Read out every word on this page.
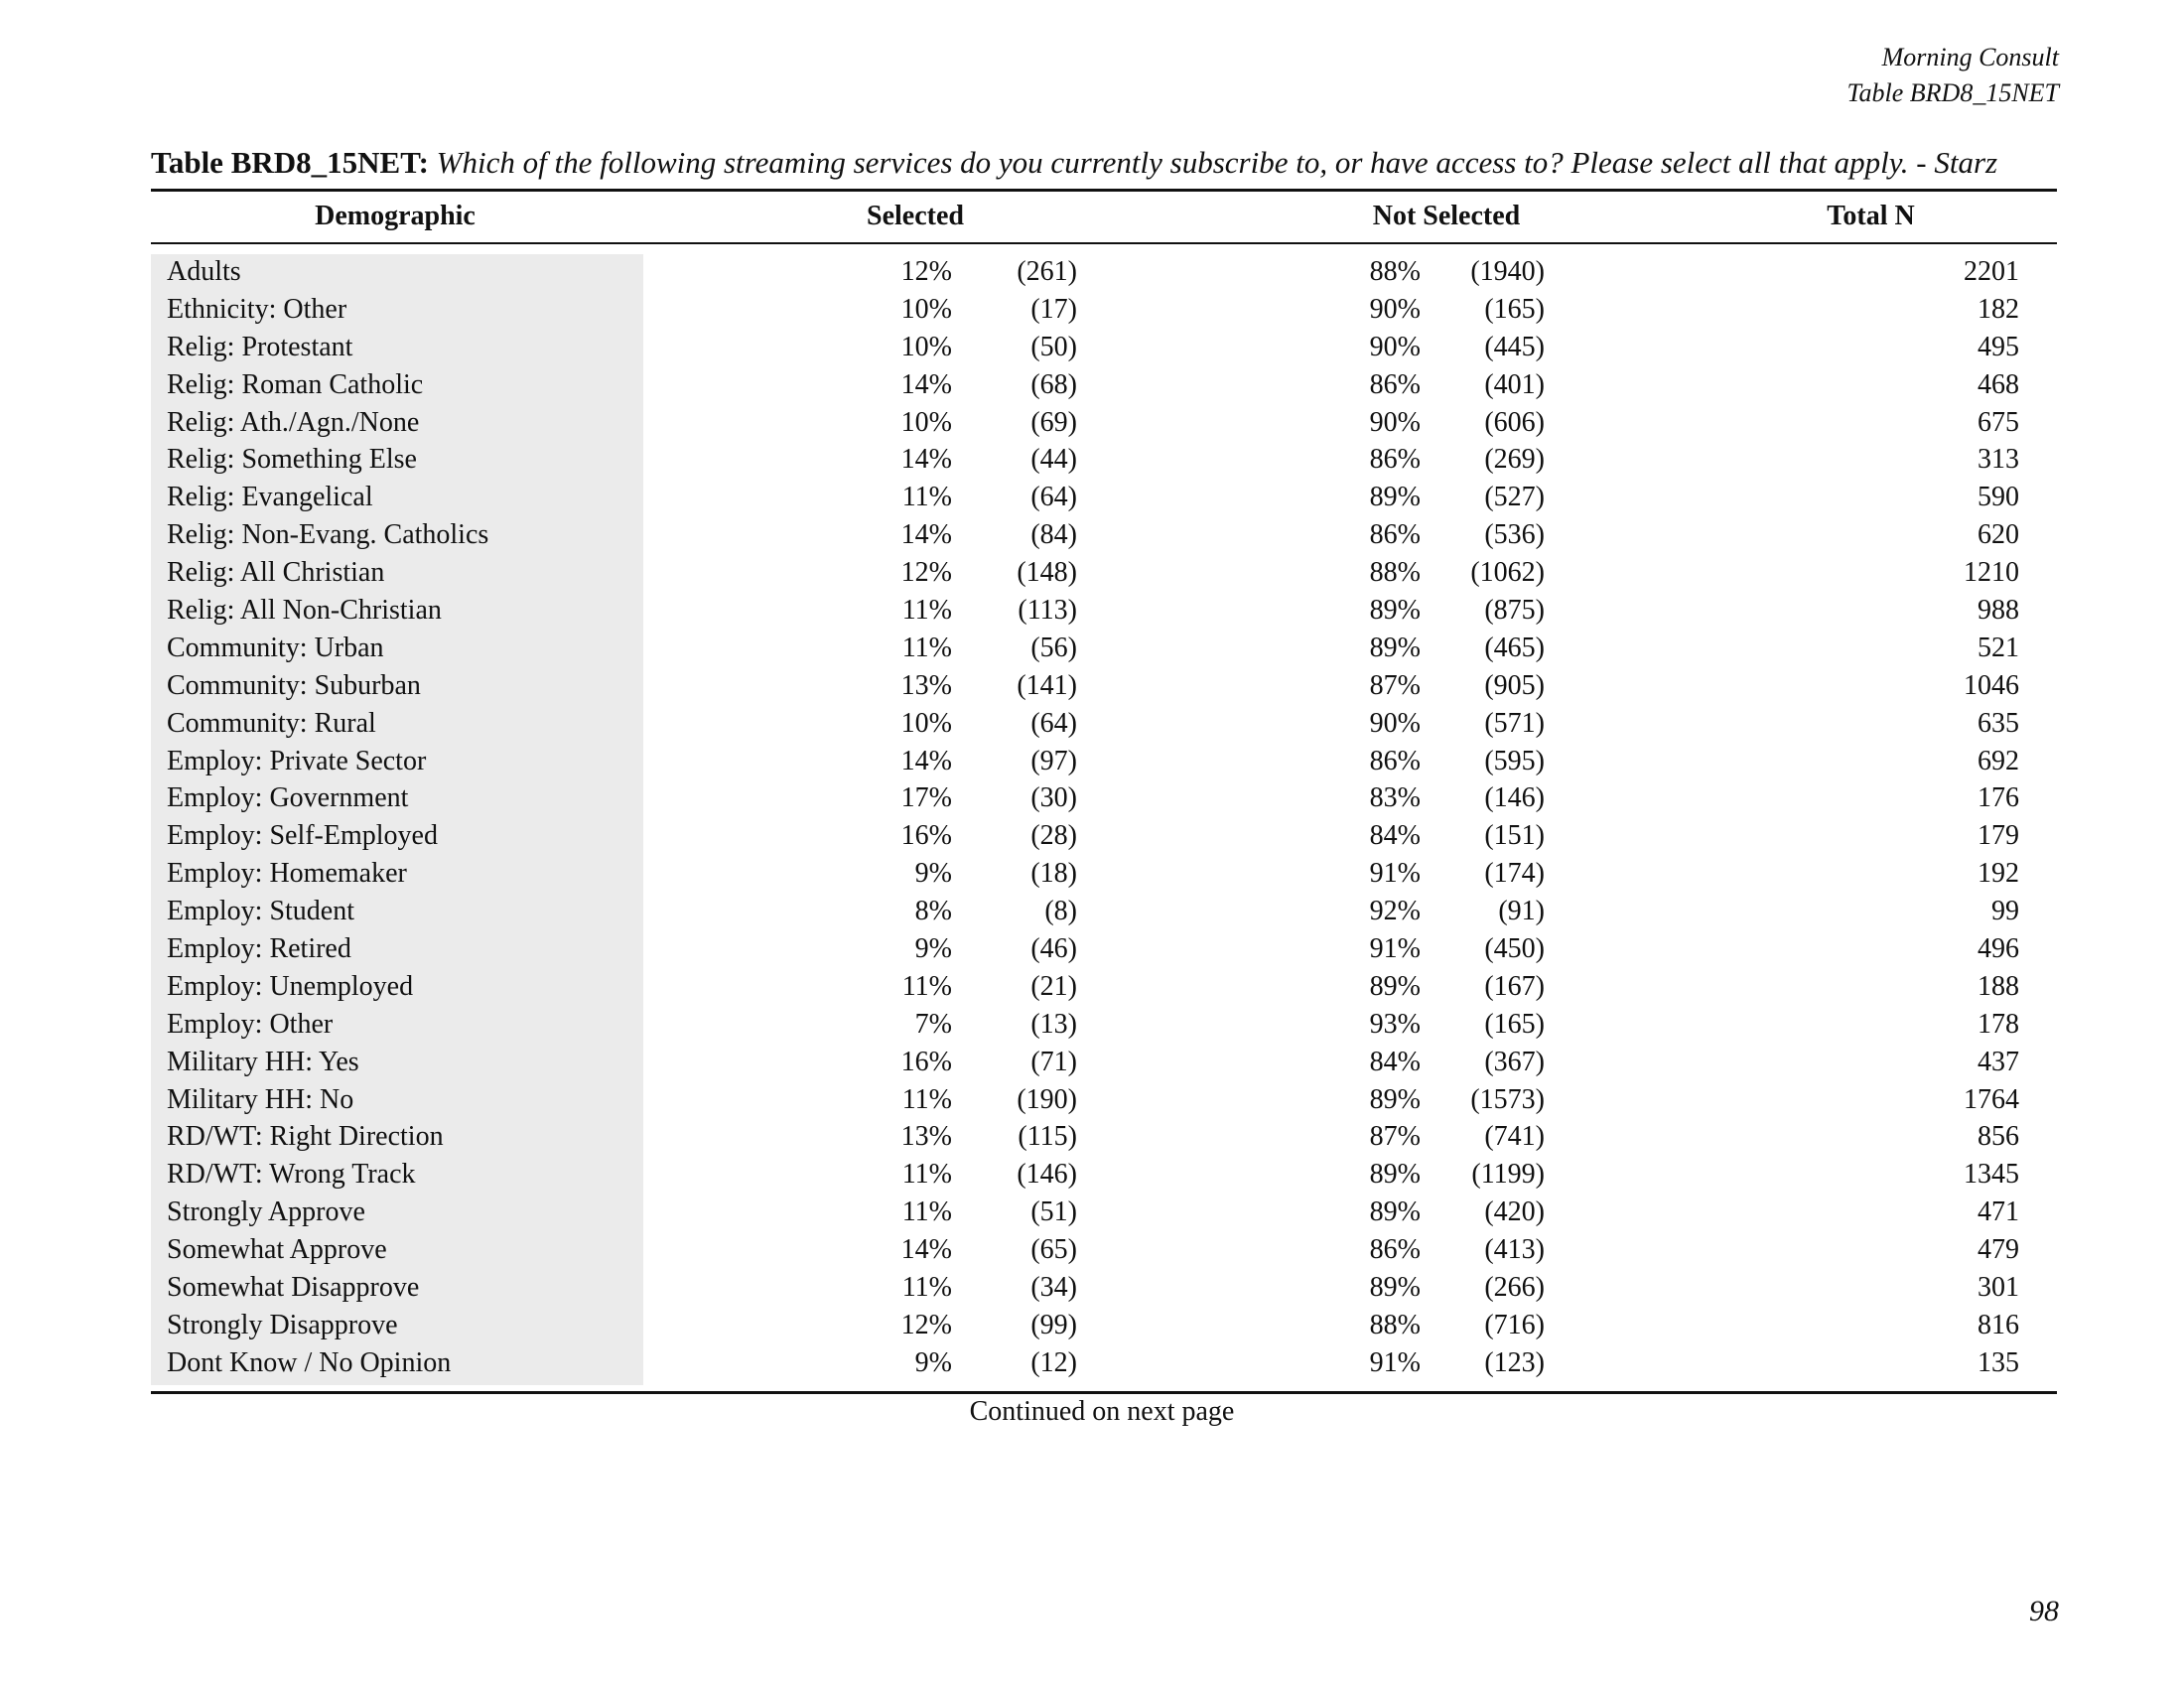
Morning Consult
Table BRD8_15NET
Table BRD8_15NET: Which of the following streaming services do you currently subscribe to, or have access to? Please select all that apply. - Starz
Demographic	Selected	Not Selected	Total N
Adults	12% (261)	88% (1940)	2201
Ethnicity: Other	10%	(17)	90% (165)	182
Relig: Protestant	10%	(50)	90% (445)	495
Relig: Roman Catholic	14%	(68)	86% (401)	468
Relig: Ath./Agn./None	10%	(69)	90% (606)	675
Relig: Something Else	14%	(44)	86% (269)	313
Relig: Evangelical	11%	(64)	89% (527)	590
Relig: Non-Evang. Catholics	14%	(84)	86% (536)	620
Relig: All Christian	12% (148)	88% (1062)	1210
Relig: All Non-Christian	11% (113)	89% (875)	988
Community: Urban	11%	(56)	89% (465)	521
Community: Suburban	13% (141)	87% (905)	1046
Community: Rural	10%	(64)	90% (571)	635
Employ: Private Sector	14%	(97)	86% (595)	692
Employ: Government	17%	(30)	83% (146)	176
Employ: Self-Employed	16%	(28)	84% (151)	179
Employ: Homemaker	9%	(18)	91% (174)	192
Employ: Student	8%	(8)	92%	(91)	99
Employ: Retired	9%	(46)	91% (450)	496
Employ: Unemployed	11%	(21)	89% (167)	188
Employ: Other	7%	(13)	93% (165)	178
Military HH: Yes	16%	(71)	84% (367)	437
Military HH: No	11% (190)	89% (1573)	1764
RD/WT: Right Direction	13% (115)	87% (741)	856
RD/WT: Wrong Track	11% (146)	89% (1199)	1345
Strongly Approve	11%	(51)	89% (420)	471
Somewhat Approve	14%	(65)	86% (413)	479
Somewhat Disapprove	11%	(34)	89% (266)	301
Strongly Disapprove	12%	(99)	88% (716)	816
Dont Know / No Opinion	9%	(12)	91% (123)	135
Continued on next page
98
